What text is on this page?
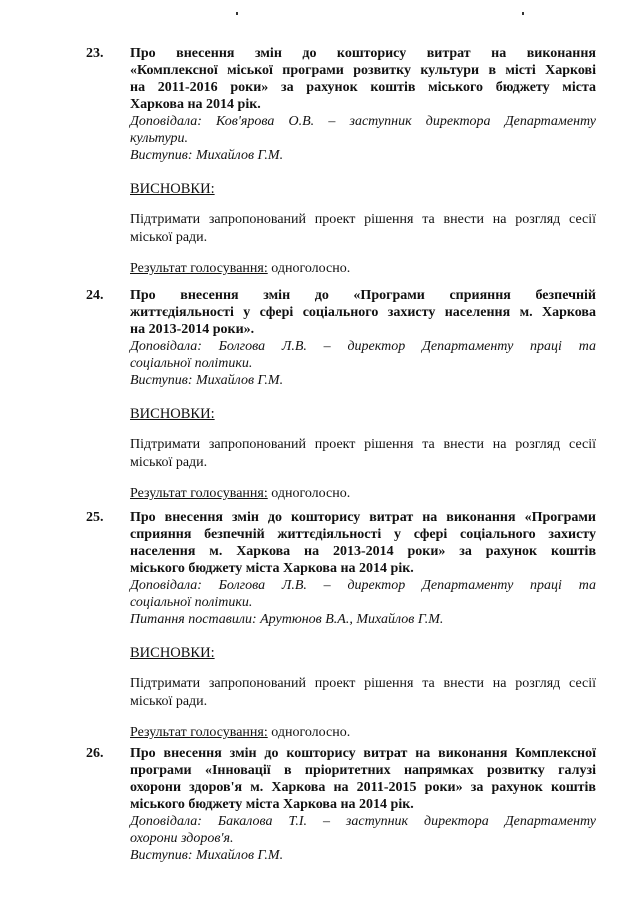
23. Про внесення змін до кошторису витрат на виконання
«Комплексної міської програми розвитку культури в місті Харкові
на 2011-2016 роки» за рахунок коштів міського бюджету міста
Харкова на 2014 рік.

Доповідала: Ков'ярова О.В. – заступник директора Департаменту
культури.

Виступив: Михайлов Г.М.

ВИСНОВКИ:

Підтримати запропонований проект рішення та внести на розгляд сесії
міської ради.

Результат голосування: одноголосно.

24. Про внесення змін до «Програми сприяння безпечній
життєдіяльності у сфері соціального захисту населення м. Харкова
на 2013-2014 роки».

Доповідала: Болгова Л.В. – директор Департаменту праці та
соціальної політики.

Виступив: Михайлов Г.М.

ВИСНОВКИ:

Підтримати запропонований проект рішення та внести на розгляд сесії
міської ради.

Результат голосування: одноголосно.

25. Про внесення змін до кошторису витрат на виконання «Програми
сприяння безпечній життєдіяльності у сфері соціального захисту
населення м. Харкова на 2013-2014 роки» за рахунок коштів
міського бюджету міста Харкова на 2014 рік.

Доповідала: Болгова Л.В. – директор Департаменту праці та
соціальної політики.

Питання поставили: Арутюнов В.А., Михайлов Г.М.

ВИСНОВКИ:

Підтримати запропонований проект рішення та внести на розгляд сесії
міської ради.

Результат голосування: одноголосно.

26. Про внесення змін до кошторису витрат на виконання Комплексної
програми «Інновації в пріоритетних напрямках розвитку галузі
охорони здоров'я м. Харкова на 2011-2015 роки» за рахунок коштів
міського бюджету міста Харкова на 2014 рік.

Доповідала: Бакалова Т.І. – заступник директора Департаменту
охорони здоров'я.

Виступив: Михайлов Г.М.
